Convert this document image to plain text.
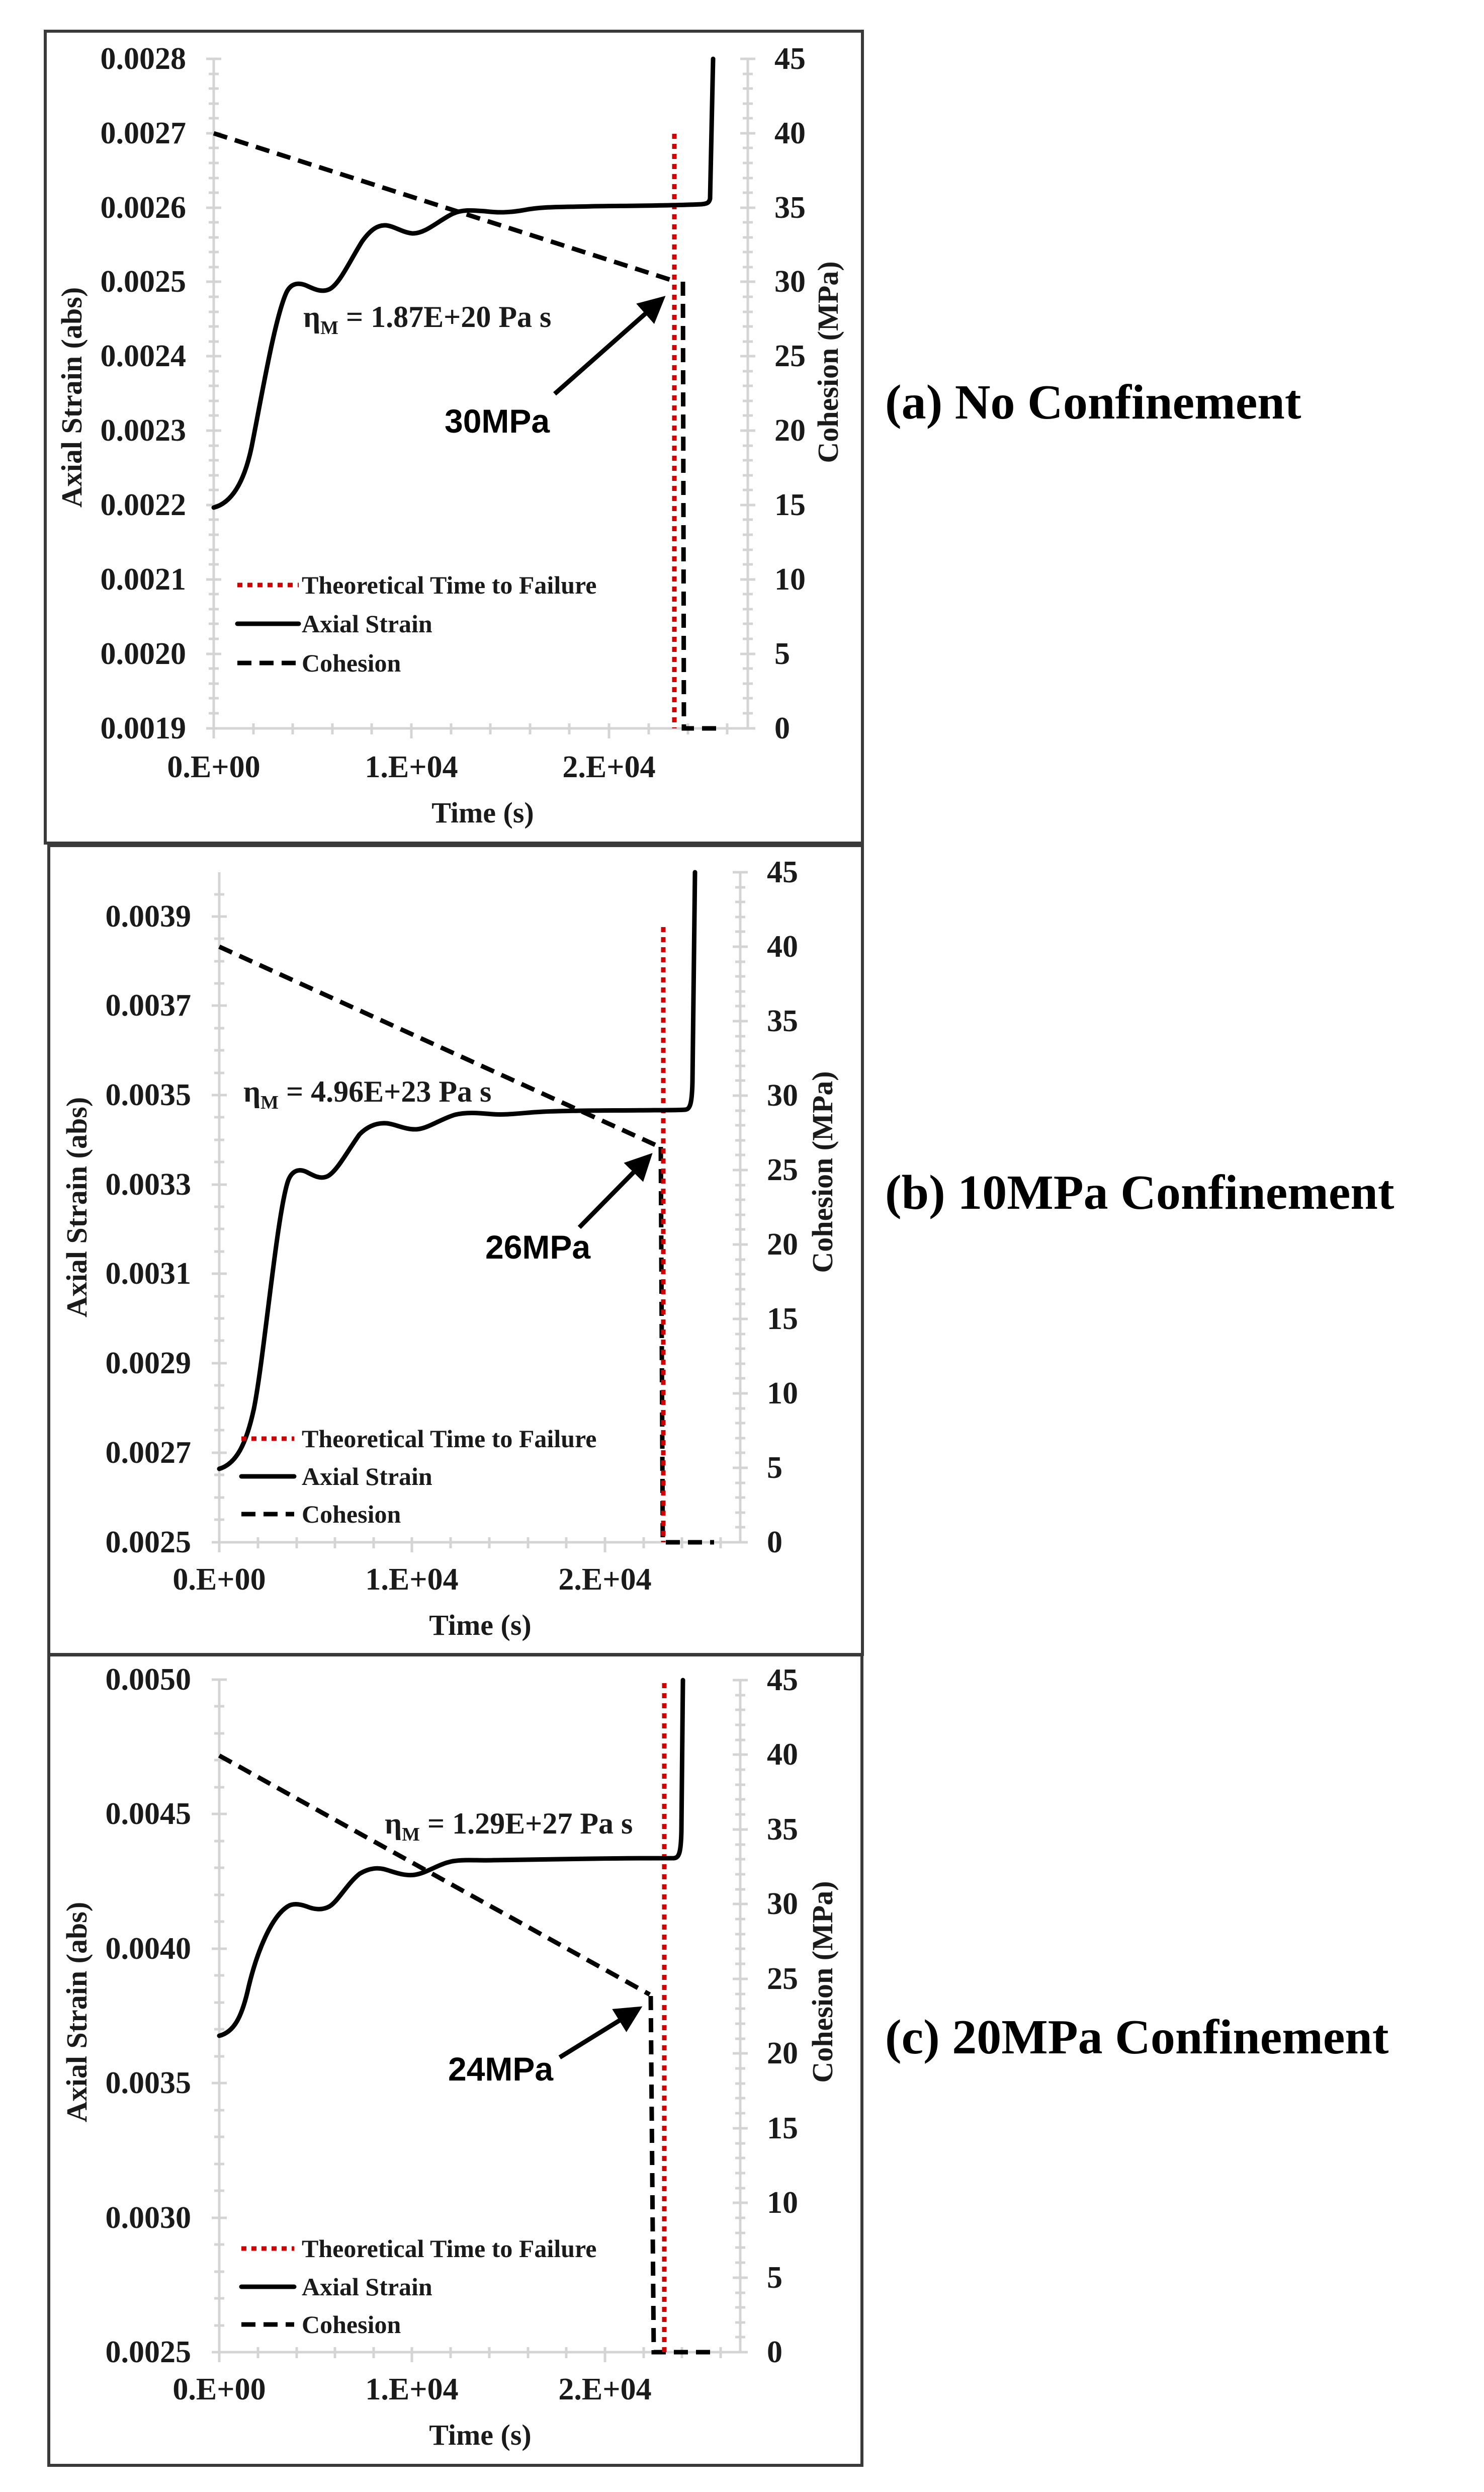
0.0028
0.0027
0.0026
0.0025
0.0024
0.0023
0.0022
0.0021
0.0020
0.0019
Axial Strain (abs)
45
40
35
30
25
20
15
10
5
0
Cohesion (MPa)
0.E+00	1.E+04	2.E+04
Time (s)
$\eta_M = 1.87E+20$ Pa s
30MPa
Theoretical Time to Failure
Axial Strain
Cohesion
(a) No Confinement
0.0039
0.0037
0.0035
0.0033
0.0031
0.0029
0.0027
0.0025
Axial Strain (abs)
45
40
35
30
25
20
15
10
5
0
Cohesion (MPa)
0.E+00	1.E+04	2.E+04
Time (s)
$\eta_M = 4.96E+23$ Pa s
26MPa
Theoretical Time to Failure
Axial Strain
Cohesion
(b) 10MPa Confinement
0.0050
0.0045
0.0040
0.0035
0.0030
0.0025
Axial Strain (abs)
45
40
35
30
25
20
15
10
5
0
Cohesion (MPa)
0.E+00	1.E+04	2.E+04
Time (s)
$\eta_M = 1.29E+27$ Pa s
24MPa
Theoretical Time to Failure
Axial Strain
Cohesion
(c) 20MPa Confinement
